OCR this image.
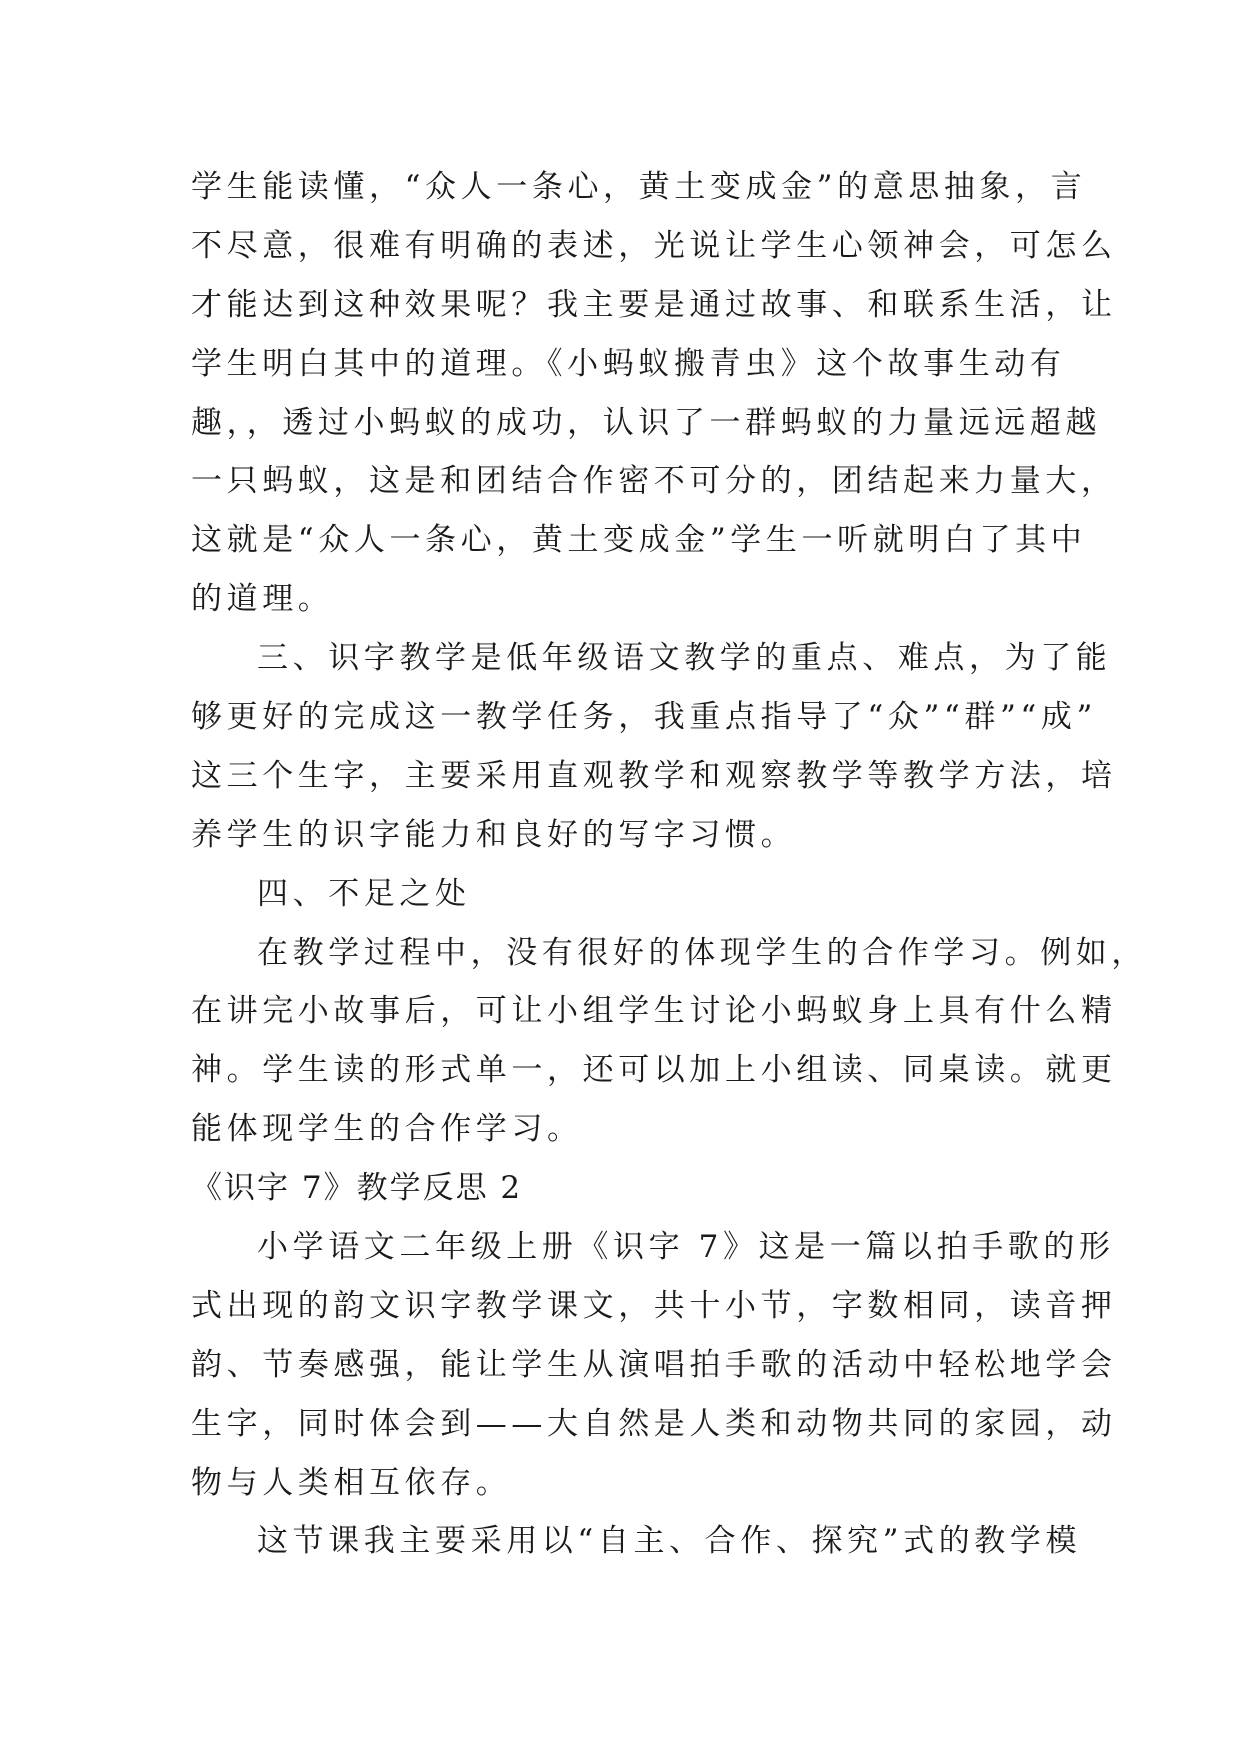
学生能读懂，“众人一条心，黄土变成金”的意思抽象，言
不尽意，很难有明确的表述，光说让学生心领神会，可怎么
才能达到这种效果呢？我主要是通过故事、和联系生活，让
学生明白其中的道理。《小蚂蚁搬青虫》这个故事生动有
趣，，透过小蚂蚁的成功，认识了一群蚂蚁的力量远远超越
一只蚂蚁，这是和团结合作密不可分的，团结起来力量大，
这就是“众人一条心，黄土变成金”学生一听就明白了其中
的道理。
三、识字教学是低年级语文教学的重点、难点，为了能
够更好的完成这一教学任务，我重点指导了“众”“群”“成”
这三个生字，主要采用直观教学和观察教学等教学方法，培
养学生的识字能力和良好的写字习惯。
四、不足之处
在教学过程中，没有很好的体现学生的合作学习。例如，
在讲完小故事后，可让小组学生讨论小蚂蚁身上具有什么精
神。学生读的形式单一，还可以加上小组读、同桌读。就更
能体现学生的合作学习。
《识字 7》教学反思 2
小学语文二年级上册《识字 7》这是一篇以拍手歌的形
式出现的韵文识字教学课文，共十小节，字数相同，读音押
韵、节奏感强，能让学生从演唱拍手歌的活动中轻松地学会
生字，同时体会到——大自然是人类和动物共同的家园，动
物与人类相互依存。
这节课我主要采用以“自主、合作、探究”式的教学模
